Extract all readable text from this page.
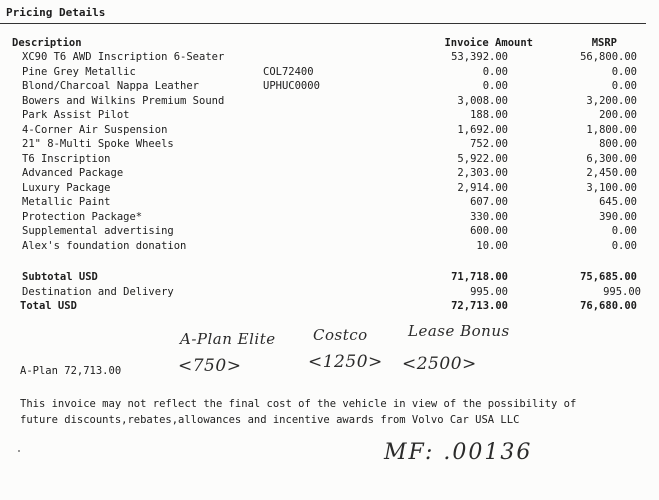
Pricing Details
Description	Invoice Amount	MSRP
XC90 T6 AWD Inscription 6-Seater	53,392.00	56,800.00
Pine Grey Metallic	COL72400	0.00	0.00
Blond/Charcoal Nappa Leather	UPHUC0000	0.00	0.00
Bowers and Wilkins Premium Sound	3,008.00	3,200.00
Park Assist Pilot	188.00	200.00
4-Corner Air Suspension	1,692.00	1,800.00
21" 8-Multi Spoke Wheels	752.00	800.00
T6 Inscription	5,922.00	6,300.00
Advanced Package	2,303.00	2,450.00
Luxury Package	2,914.00	3,100.00
Metallic Paint	607.00	645.00
Protection Package*	330.00	390.00
Supplemental advertising	600.00	0.00
Alex's foundation donation	10.00	0.00
Subtotal USD	71,718.00	75,685.00
Destination and Delivery	995.00	995.00
Total USD	72,713.00	76,680.00
A-Plan 72,713.00
A-Plan Elite
<750>
Costco
<1250>
Lease Bonus
<2500>
This invoice may not reflect the final cost of the vehicle in view of the possibility of
future discounts,rebates,allowances and incentive awards from Volvo Car USA LLC
MF: .00136
